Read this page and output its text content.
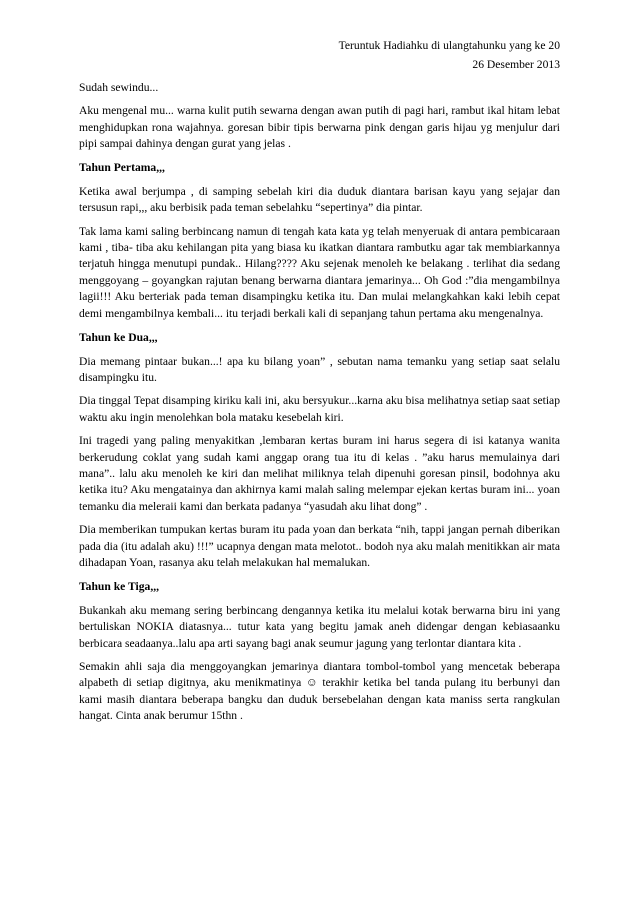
Teruntuk Hadiahku di ulangtahunku yang ke 20
26 Desember 2013
Sudah sewindu...

Aku mengenal mu... warna kulit putih sewarna dengan awan putih di pagi hari, rambut ikal hitam lebat menghidupkan rona wajahnya. goresan bibir tipis berwarna pink dengan garis hijau yg menjulur dari pipi sampai dahinya dengan gurat yang jelas .

Tahun Pertama,,,

Ketika awal berjumpa , di samping sebelah kiri dia duduk diantara barisan kayu yang sejajar dan tersusun rapi,,, aku berbisik pada teman sebelahku “sepertinya” dia pintar.

Tak lama kami saling berbincang namun di tengah kata kata yg telah menyeruak di antara pembicaraan kami , tiba- tiba aku kehilangan pita yang biasa ku ikatkan diantara rambutku agar tak membiarkannya terjatuh hingga menutupi pundak.. Hilang???? Aku sejenak menoleh ke belakang . terlihat dia sedang menggoyang – goyangkan rajutan benang berwarna diantara jemarinya... Oh God :”dia mengambilnya lagii!!! Aku berteriak pada teman disampingku ketika itu. Dan mulai melangkahkan kaki lebih cepat demi mengambilnya kembali... itu terjadi berkali kali di sepanjang tahun pertama aku mengenalnya.

Tahun ke Dua,,,

Dia memang pintaar bukan...! apa ku bilang yoan” , sebutan nama temanku yang setiap saat selalu disampingku itu.

Dia tinggal Tepat disamping kiriku kali ini, aku bersyukur...karna aku bisa melihatnya setiap saat setiap waktu aku ingin menolehkan bola mataku kesebelah kiri.

Ini tragedi yang paling menyakitkan ,lembaran kertas buram ini harus segera di isi katanya wanita berkerudung coklat yang sudah kami anggap orang tua itu di kelas . ”aku harus memulainya dari mana”.. lalu aku menoleh ke kiri dan melihat miliknya telah dipenuhi goresan pinsil, bodohnya aku ketika itu? Aku mengatainya dan akhirnya kami malah saling melempar ejekan kertas buram ini... yoan temanku dia meleraii kami dan berkata padanya “yasudah aku lihat dong” .

Dia memberikan tumpukan kertas buram itu pada yoan dan berkata “nih, tappi jangan pernah diberikan pada dia (itu adalah aku) !!!” ucapnya dengan mata melotot.. bodoh nya aku malah menitikkan air mata dihadapan Yoan, rasanya aku telah melakukan hal memalukan.

Tahun ke Tiga,,,

Bukankah aku memang sering berbincang dengannya ketika itu melalui kotak berwarna biru ini yang bertuliskan NOKIA diatasnya... tutur kata yang begitu jamak aneh didengar dengan kebiasaanku berbicara seadaanya..lalu apa arti sayang bagi anak seumur jagung yang terlontar diantara kita .

Semakin ahli saja dia menggoyangkan jemarinya diantara tombol-tombol yang mencetak beberapa alpabeth di setiap digitnya, aku menikmatinya ☺ terakhir ketika bel tanda pulang itu berbunyi dan kami masih diantara beberapa bangku dan duduk bersebelahan dengan kata maniss serta rangkulan hangat. Cinta anak berumur 15thn .
